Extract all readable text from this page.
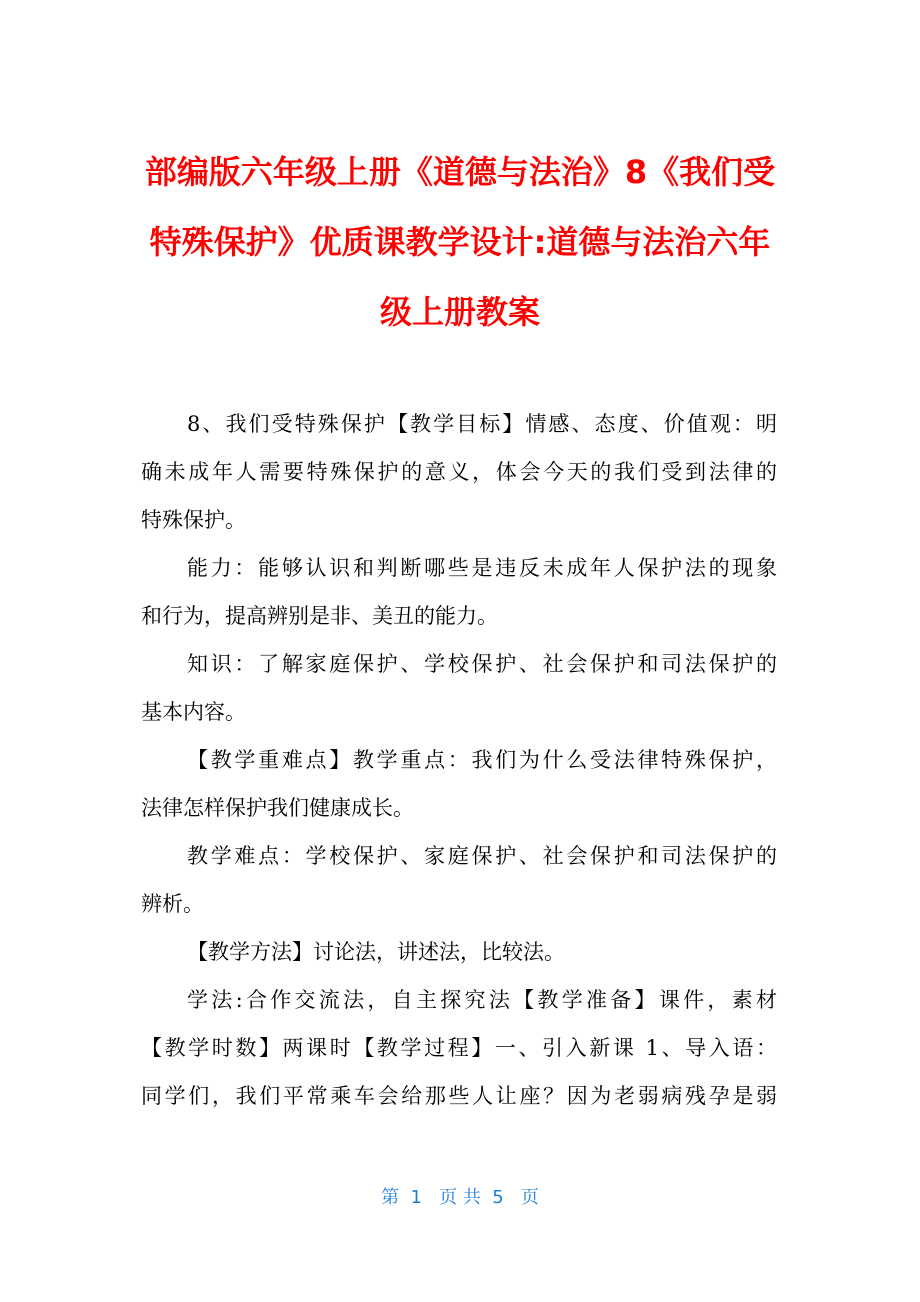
部编版六年级上册《道德与法治》8《我们受
特殊保护》优质课教学设计:道德与法治六年
级上册教案
8、我们受特殊保护【教学目标】情感、态度、价值观：明
确未成年人需要特殊保护的意义，体会今天的我们受到法律的
特殊保护。
能力：能够认识和判断哪些是违反未成年人保护法的现象
和行为，提高辨别是非、美丑的能力。
知识：了解家庭保护、学校保护、社会保护和司法保护的
基本内容。
【教学重难点】教学重点：我们为什么受法律特殊保护，
法律怎样保护我们健康成长。
教学难点：学校保护、家庭保护、社会保护和司法保护的
辨析。
【教学方法】讨论法，讲述法，比较法。
学法:合作交流法，自主探究法【教学准备】课件，素材
【教学时数】两课时【教学过程】一、引入新课 1、导入语：
同学们，我们平常乘车会给那些人让座？因为老弱病残孕是弱
第  1   页 共  5   页
